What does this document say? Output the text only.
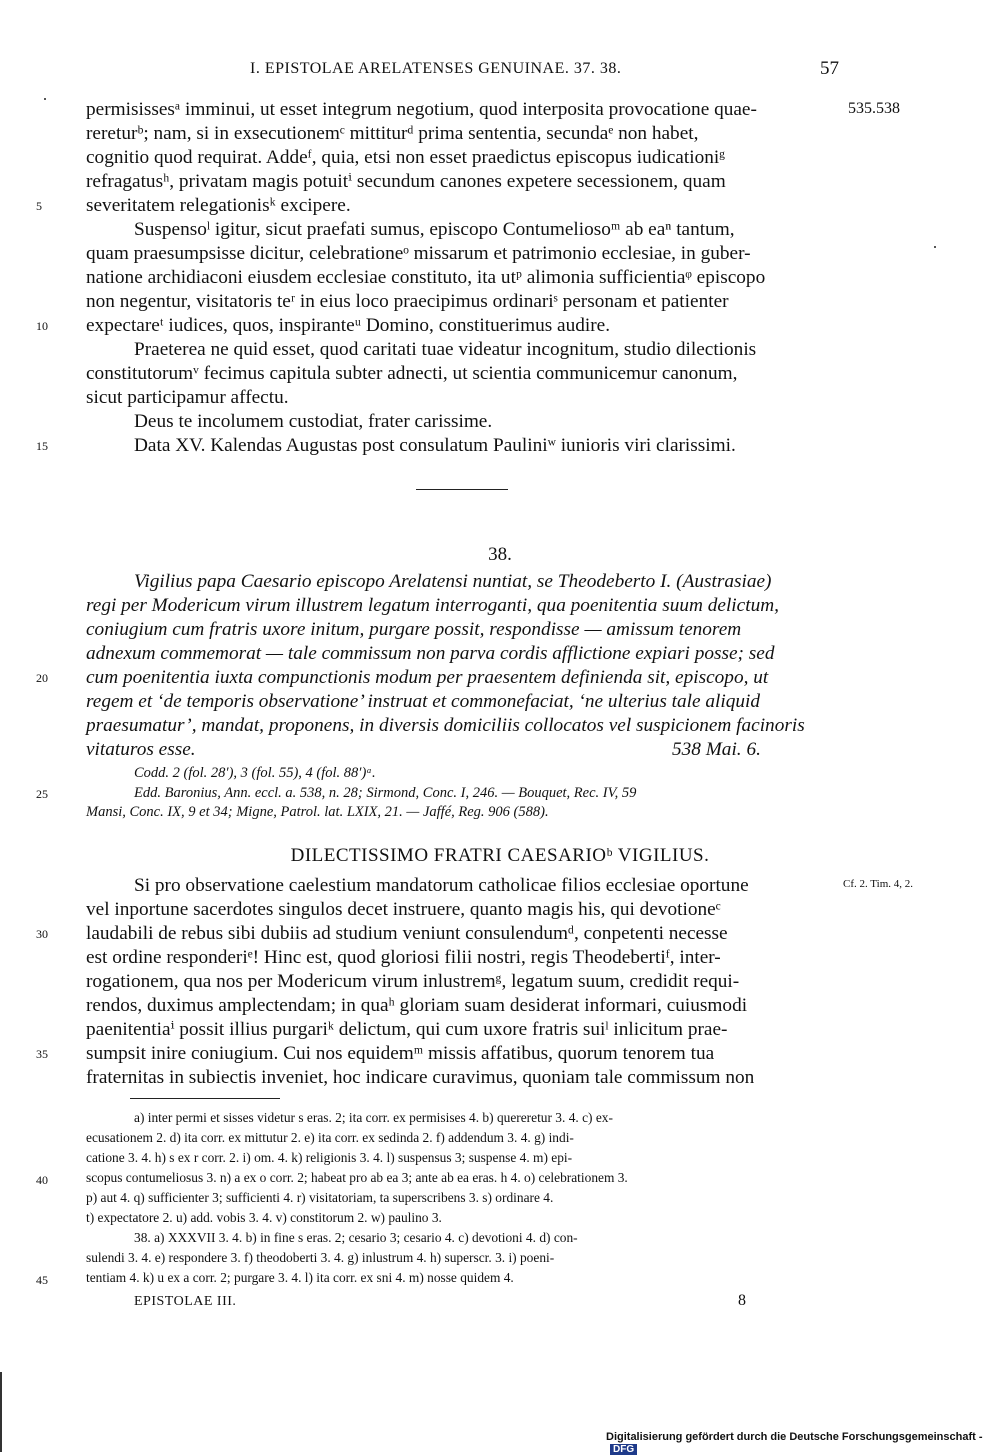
I. EPISTOLAE ARELATENSES GENUINAE. 37. 38.	57
535.538
Cf. 2. Tim. 4, 2.
permisissesᵃ imminui, ut esset integrum negotium, quod interposita provocatione quae-
rereturᵇ; nam, si in exsecutionemᶜ mittiturᵈ prima sententia, secundaᵉ non habet,
cognitio quod requirat. Addeᶠ, quia, etsi non esset praedictus episcopus iudicationiᵍ
refragatusʰ, privatam magis potuitⁱ secundum canones expetere secessionem, quam
severitatem relegationisᵏ excipere.
Suspensoˡ igitur, sicut praefati sumus, episcopo Contumeliosoᵐ ab eaⁿ tantum,
quam praesumpsisse dicitur, celebrationeᵒ missarum et patrimonio ecclesiae, in guber-
natione archidiaconi eiusdem ecclesiae constituto, ita utᵖ alimonia sufficientiaᵠ episcopo
non negentur, visitatoris teʳ in eius loco praecipimus ordinariˢ personam et patienter
expectareᵗ iudices, quos, inspiranteᵘ Domino, constituerimus audire.
Praeterea ne quid esset, quod caritati tuae videatur incognitum, studio dilectionis
constitutorumᵛ fecimus capitula subter adnecti, ut scientia communicemur canonum,
sicut participamur affectu.
Deus te incolumem custodiat, frater carissime.
Data XV. Kalendas Augustas post consulatum Pauliniʷ iunioris viri clarissimi.
38.
Vigilius papa Caesario episcopo Arelatensi nuntiat, se Theodeberto I. (Austrasiae)
regi per Modericum virum illustrem legatum interroganti, qua poenitentia suum delictum,
coniugium cum fratris uxore initum, purgare possit, respondisse — amissum tenorem
adnexum commemorat — tale commissum non parva cordis afflictione expiari posse; sed
cum poenitentia iuxta compunctionis modum per praesentem definienda sit, episcopo, ut
regem et ‘de temporis observatione’ instruat et commonefaciat, ‘ne ulterius tale aliquid
praesumatur’, mandat, proponens, in diversis domiciliis collocatos vel suspicionem facinoris
vitaturos esse.	538 Mai. 6.
Codd. 2 (fol. 28′), 3 (fol. 55), 4 (fol. 88′)ᵃ.
Edd. Baronius, Ann. eccl. a. 538, n. 28; Sirmond, Conc. I, 246. — Bouquet, Rec. IV, 59
Mansi, Conc. IX, 9 et 34; Migne, Patrol. lat. LXIX, 21. — Jaffé, Reg. 906 (588).
DILECTISSIMO FRATRI CAESARIOᵇ VIGILIUS.
Si pro observatione caelestium mandatorum catholicae filios ecclesiae oportune
vel inportune sacerdotes singulos decet instruere, quanto magis his, qui devotioneᶜ
laudabili de rebus sibi dubiis ad studium veniunt consulendumᵈ, conpetenti necesse
est ordine responderiᵉ! Hinc est, quod gloriosi filii nostri, regis Theodebertiᶠ, inter-
rogationem, qua nos per Modericum virum inlustremᵍ, legatum suum, credidit requi-
rendos, duximus amplectendam; in quaʰ gloriam suam desiderat informari, cuiusmodi
paenitentiaⁱ possit illius purgariᵏ delictum, qui cum uxore fratris suiˡ inlicitum prae-
sumpsit inire coniugium. Cui nos equidemᵐ missis affatibus, quorum tenorem tua
fraternitas in subiectis inveniet, hoc indicare curavimus, quoniam tale commissum non
a) inter permi et sisses videtur s eras. 2; ita corr. ex permisises 4. b) quereretur 3. 4. c) ex-
ecusationem 2. d) ita corr. ex mittutur 2. e) ita corr. ex sedinda 2. f) addendum 3. 4. g) indi-
catione 3. 4. h) s ex r corr. 2. i) om. 4. k) religionis 3. 4. l) suspensus 3; suspense 4. m) epi-
scopus contumeliosus 3. n) a ex o corr. 2; habeat pro ab ea 3; ante ab ea eras. h 4. o) celebrationem 3.
p) aut 4. q) sufficienter 3; sufficienti 4. r) visitatoriam, ta superscribens 3. s) ordinare 4.
t) expectatore 2. u) add. vobis 3. 4. v) constitorum 2. w) paulino 3.
38. a) XXXVII 3. 4. b) in fine s eras. 2; cesario 3; cesario 4. c) devotioni 4. d) con-
sulendi 3. 4. e) respondere 3. f) theodoberti 3. 4. g) inlustrum 4. h) superscr. 3. i) poeni-
tentiam 4. k) u ex a corr. 2; purgare 3. 4. l) ita corr. ex sni 4. m) nosse quidem 4.
5
10
15
20
25
30
35
40
45
EPISTOLAE III.	8
Digitalisierung gefördert durch die Deutsche Forschungsgemeinschaft -DFG
